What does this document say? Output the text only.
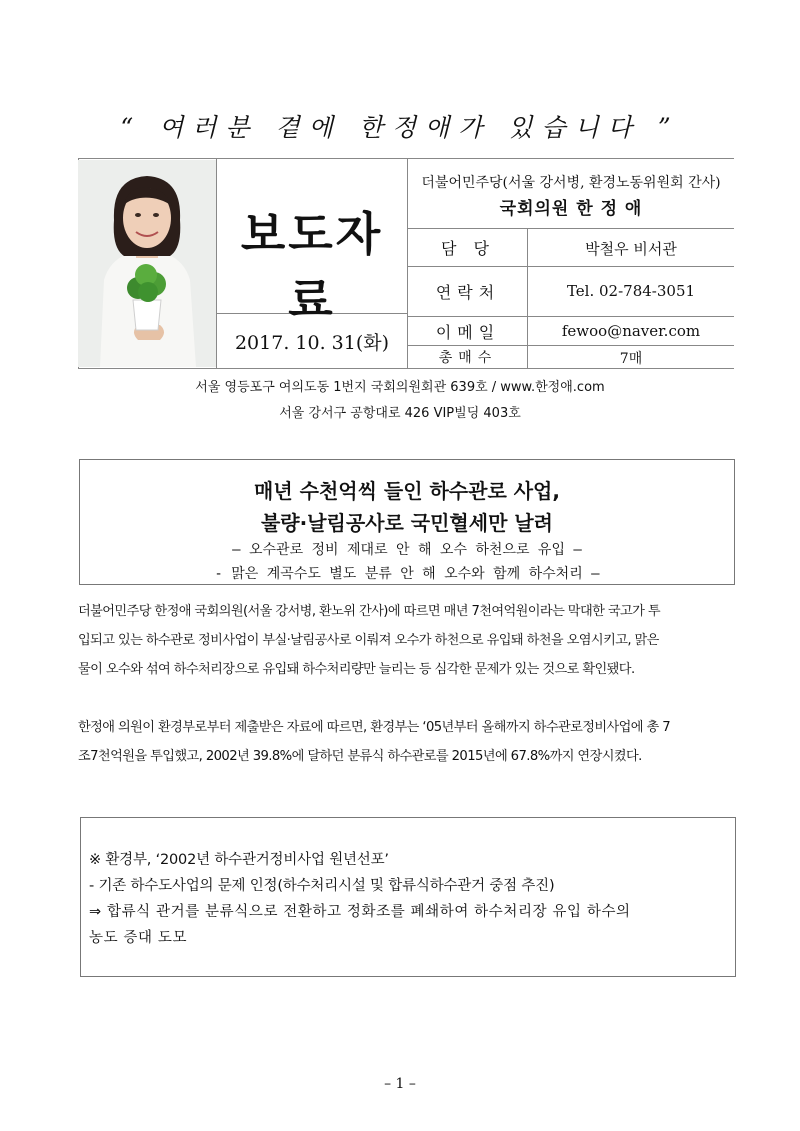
“ 여러분 곁에 한정애가 있습니다 ”
보도자료
2017. 10. 31(화)
더불어민주당(서울 강서병, 환경노동위원회 간사)
국회의원 한 정 애
담 당	박철우 비서관
연락처	Tel. 02-784-3051
이메일	fewoo@naver.com
총매수	7매
서울 영등포구 여의도동 1번지 국회의원회관 639호 / www.한정애.com
서울 강서구 공항대로 426 VIP빌딩 403호
매년 수천억씩 들인 하수관로 사업,
불량·날림공사로 국민혈세만 날려
– 오수관로 정비 제대로 안 해 오수 하천으로 유입 –
- 맑은 계곡수도 별도 분류 안 해 오수와 함께 하수처리 –
더불어민주당 한정애 국회의원(서울 강서병, 환노위 간사)에 따르면 매년 7천여억원이라는 막대한 국고가 투
입되고 있는 하수관로 정비사업이 부실·날림공사로 이뤄져 오수가 하천으로 유입돼 하천을 오염시키고, 맑은
물이 오수와 섞여 하수처리장으로 유입돼 하수처리량만 늘리는 등 심각한 문제가 있는 것으로 확인됐다.
한정애 의원이 환경부로부터 제출받은 자료에 따르면, 환경부는 ‘05년부터 올해까지 하수관로정비사업에 총 7
조7천억원을 투입했고, 2002년 39.8%에 달하던 분류식 하수관로를 2015년에 67.8%까지 연장시켰다.
※ 환경부, ‘2002년 하수관거정비사업 원년선포’
- 기존 하수도사업의 문제 인정(하수처리시설 및 합류식하수관거 중점 추진)
⇒ 합류식 관거를 분류식으로 전환하고 정화조를 폐쇄하여 하수처리장 유입 하수의
농도 증대 도모
– 1 –
